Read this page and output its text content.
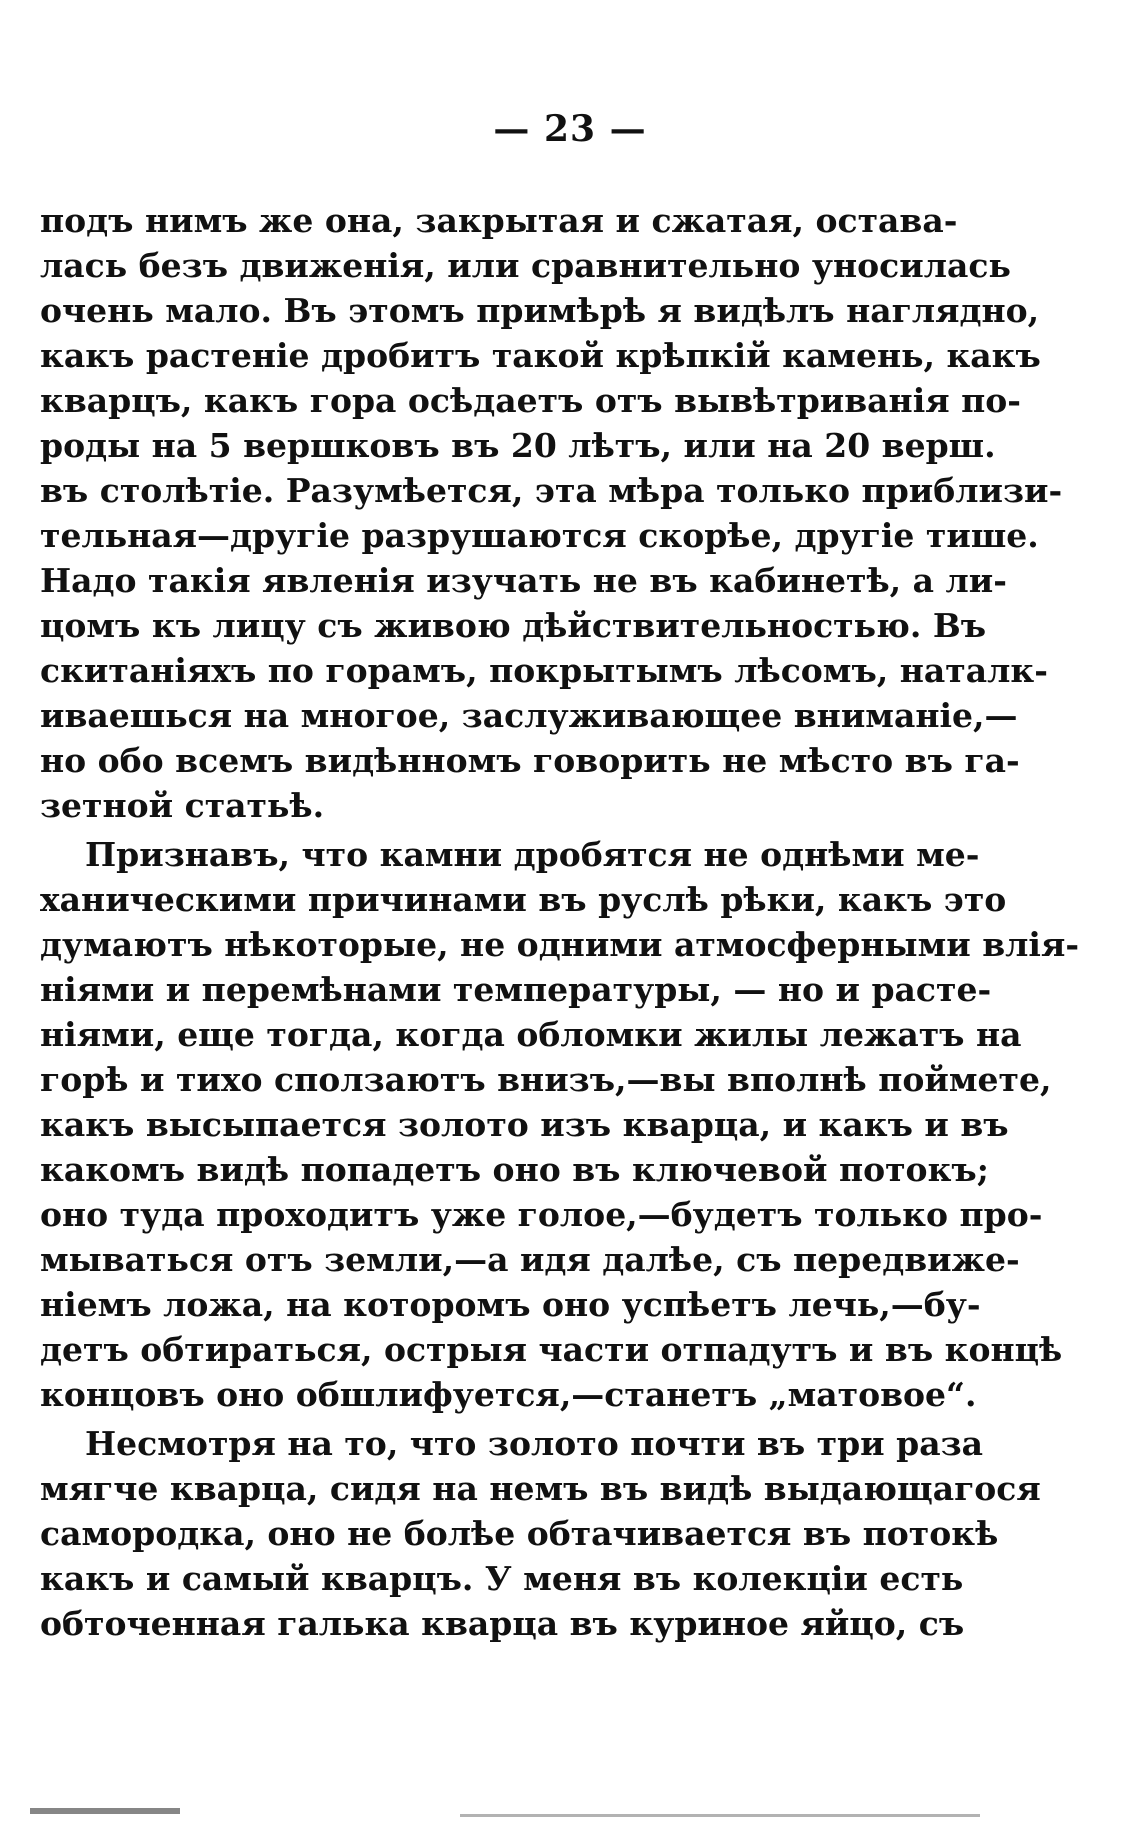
— 23 —
подъ нимъ же она, закрытая и сжатая, остава-
лась безъ движенія, или сравнительно уносилась
очень мало. Въ этомъ примѣрѣ я видѣлъ наглядно,
какъ растеніе дробитъ такой крѣпкій камень, какъ
кварцъ, какъ гора осѣдаетъ отъ вывѣтриванія по-
роды на 5 вершковъ въ 20 лѣтъ, или на 20 верш.
въ столѣтіе. Разумѣется, эта мѣра только приблизи-
тельная—другіе разрушаются скорѣе, другіе тише.
Надо такія явленія изучать не въ кабинетѣ, а ли-
цомъ къ лицу съ живою дѣйствительностью. Въ
скитаніяхъ по горамъ, покрытымъ лѣсомъ, наталк-
иваешься на многое, заслуживающее вниманіе,—
но обо всемъ видѣнномъ говорить не мѣсто въ га-
зетной статьѣ.
Признавъ, что камни дробятся не однѣми ме-
ханическими причинами въ руслѣ рѣки, какъ это
думаютъ нѣкоторые, не одними атмосферными влія-
ніями и перемѣнами температуры, — но и расте-
ніями, еще тогда, когда обломки жилы лежатъ на
горѣ и тихо сползаютъ внизъ,—вы вполнѣ поймете,
какъ высыпается золото изъ кварца, и какъ и въ
какомъ видѣ попадетъ оно въ ключевой потокъ;
оно туда проходитъ уже голое,—будетъ только про-
мываться отъ земли,—а идя далѣе, съ передвиже-
ніемъ ложа, на которомъ оно успѣетъ лечь,—бу-
детъ обтираться, острыя части отпадутъ и въ концѣ
концовъ оно обшлифуется,—станетъ „матовое“.
Несмотря на то, что золото почти въ три раза
мягче кварца, сидя на немъ въ видѣ выдающагося
самородка, оно не болѣе обтачивается въ потокѣ
какъ и самый кварцъ. У меня въ колекціи есть
обточенная галька кварца въ куриное яйцо, съ
